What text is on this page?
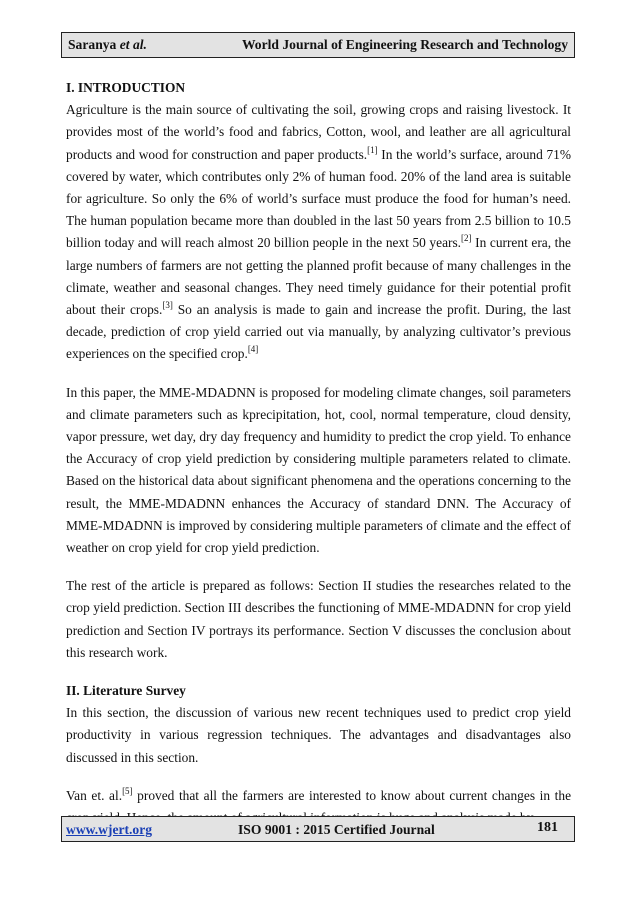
Saranya et al.	World Journal of Engineering Research and Technology
I. INTRODUCTION

Agriculture is the main source of cultivating the soil, growing crops and raising livestock. It provides most of the world’s food and fabrics, Cotton, wool, and leather are all agricultural products and wood for construction and paper products.[1] In the world’s surface, around 71% covered by water, which contributes only 2% of human food. 20% of the land area is suitable for agriculture. So only the 6% of world’s surface must produce the food for human’s need. The human population became more than doubled in the last 50 years from 2.5 billion to 10.5 billion today and will reach almost 20 billion people in the next 50 years.[2] In current era, the large numbers of farmers are not getting the planned profit because of many challenges in the climate, weather and seasonal changes. They need timely guidance for their potential profit about their crops.[3] So an analysis is made to gain and increase the profit. During, the last decade, prediction of crop yield carried out via manually, by analyzing cultivator’s previous experiences on the specified crop.[4]

In this paper, the MME-MDADNN is proposed for modeling climate changes, soil parameters and climate parameters such as kprecipitation, hot, cool, normal temperature, cloud density, vapor pressure, wet day, dry day frequency and humidity to predict the crop yield. To enhance the Accuracy of crop yield prediction by considering multiple parameters related to climate. Based on the historical data about significant phenomena and the operations concerning to the result, the MME-MDADNN enhances the Accuracy of standard DNN. The Accuracy of MME-MDADNN is improved by considering multiple parameters of climate and the effect of weather on crop yield for crop yield prediction.

The rest of the article is prepared as follows: Section II studies the researches related to the crop yield prediction. Section III describes the functioning of MME-MDADNN for crop yield prediction and Section IV portrays its performance. Section V discusses the conclusion about this research work.

II. Literature Survey

In this section, the discussion of various new recent techniques used to predict crop yield productivity in various regression techniques. The advantages and disadvantages also discussed in this section.

Van et. al.[5] proved that all the farmers are interested to know about current changes in the

www.wjert.org	ISO 9001 : 2015 Certified Journal	181
